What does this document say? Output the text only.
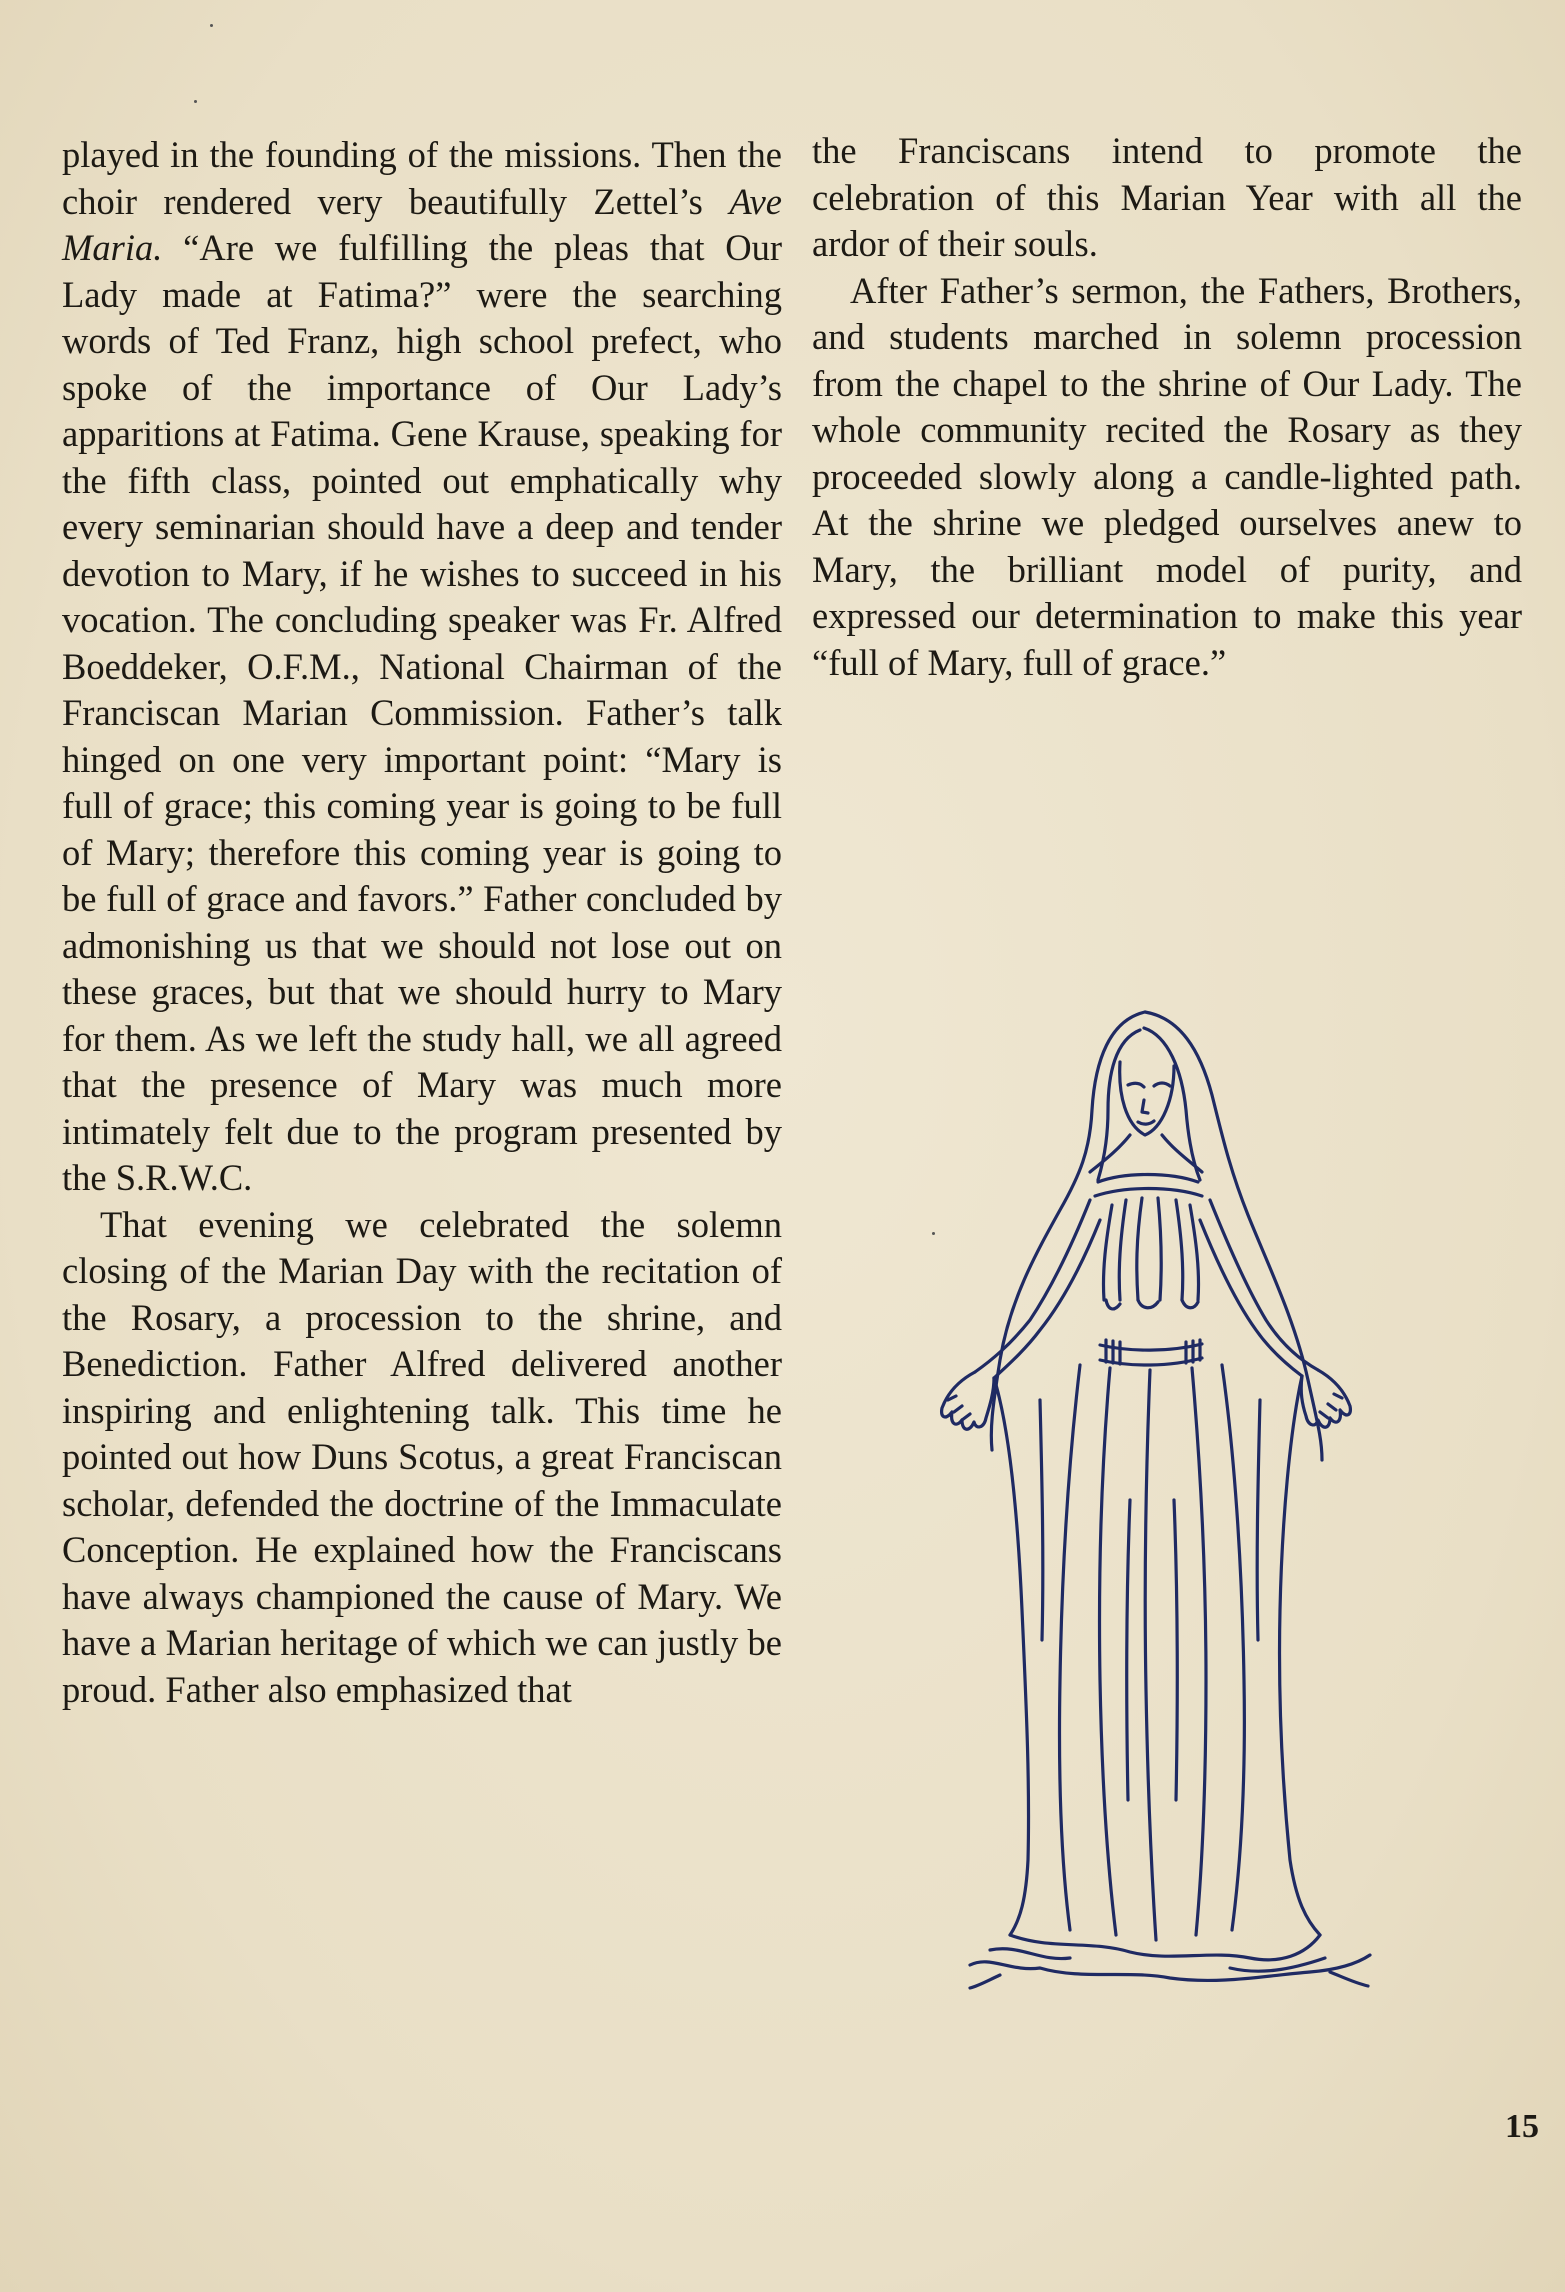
played in the founding of the missions. Then the choir rendered very beautifully Zettel’s Ave Maria. “Are we fulfilling the pleas that Our Lady made at Fatima?” were the searching words of Ted Franz, high school prefect, who spoke of the importance of Our Lady’s apparitions at Fatima. Gene Krause, speaking for the fifth class, pointed out emphatically why every seminarian should have a deep and tender devotion to Mary, if he wishes to succeed in his vocation. The concluding speaker was Fr. Alfred Boeddeker, O.F.M., National Chairman of the Franciscan Marian Commission. Father’s talk hinged on one very important point: “Mary is full of grace; this coming year is going to be full of Mary; therefore this coming year is going to be full of grace and favors.” Father concluded by admonishing us that we should not lose out on these graces, but that we should hurry to Mary for them. As we left the study hall, we all agreed that the presence of Mary was much more intimately felt due to the program presented by the S.R.W.C.

That evening we celebrated the solemn closing of the Marian Day with the recitation of the Rosary, a procession to the shrine, and Benediction. Father Alfred delivered another inspiring and enlightening talk. This time he pointed out how Duns Scotus, a great Franciscan scholar, defended the doctrine of the Immaculate Conception. He explained how the Franciscans have always championed the cause of Mary. We have a Marian heritage of which we can justly be proud. Father also emphasized that

the Franciscans intend to promote the celebration of this Marian Year with all the ardor of their souls.

After Father’s sermon, the Fathers, Brothers, and students marched in solemn procession from the chapel to the shrine of Our Lady. The whole community recited the Rosary as they proceeded slowly along a candle-lighted path. At the shrine we pledged ourselves anew to Mary, the brilliant model of purity, and expressed our determination to make this year “full of Mary, full of grace.”

15
